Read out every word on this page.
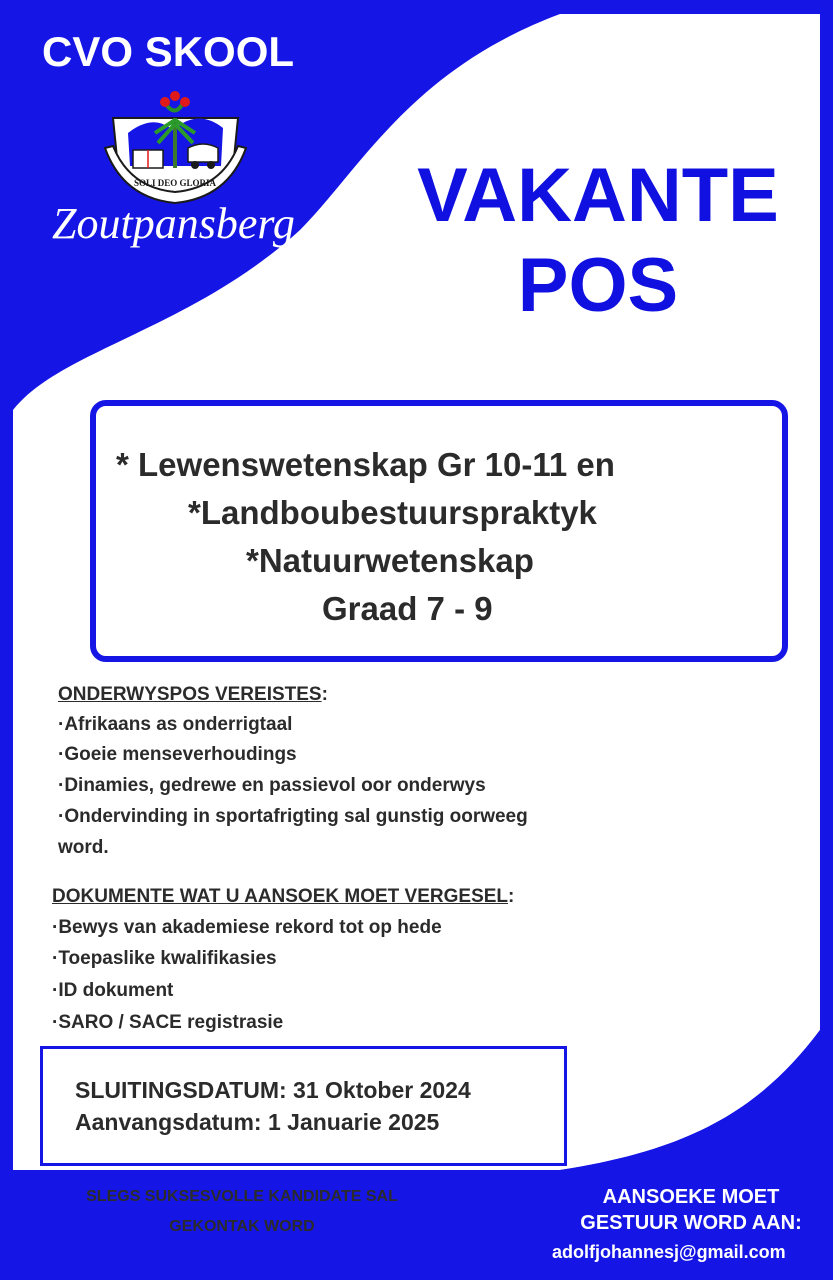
CVO SKOOL
SOLI DEO GLORIA
Zoutpansberg VAKANTE
POS
* Lewenswetenskap Gr 10-11 en
*Landboubestuurspraktyk
*Natuurwetenskap
Graad 7 - 9
ONDERWYSPOS VEREISTES:
·Afrikaans as onderrigtaal
·Goeie menseverhoudings
·Dinamies, gedrewe en passievol oor onderwys
·Ondervinding in sportafrigting sal gunstig oorweeg
word.
DOKUMENTE WAT U AANSOEK MOET VERGESEL:
·Bewys van akademiese rekord tot op hede
·Toepaslike kwalifikasies
·ID dokument
·SARO / SACE registrasie
SLUITINGSDATUM: 31 Oktober 2024
Aanvangsdatum: 1 Januarie 2025
SLEGS SUKSESVOLLE KANDIDATE SAL
GEKONTAK WORD
AANSOEKE MOET
GESTUUR WORD AAN:
adolfjohannesj@gmail.com
